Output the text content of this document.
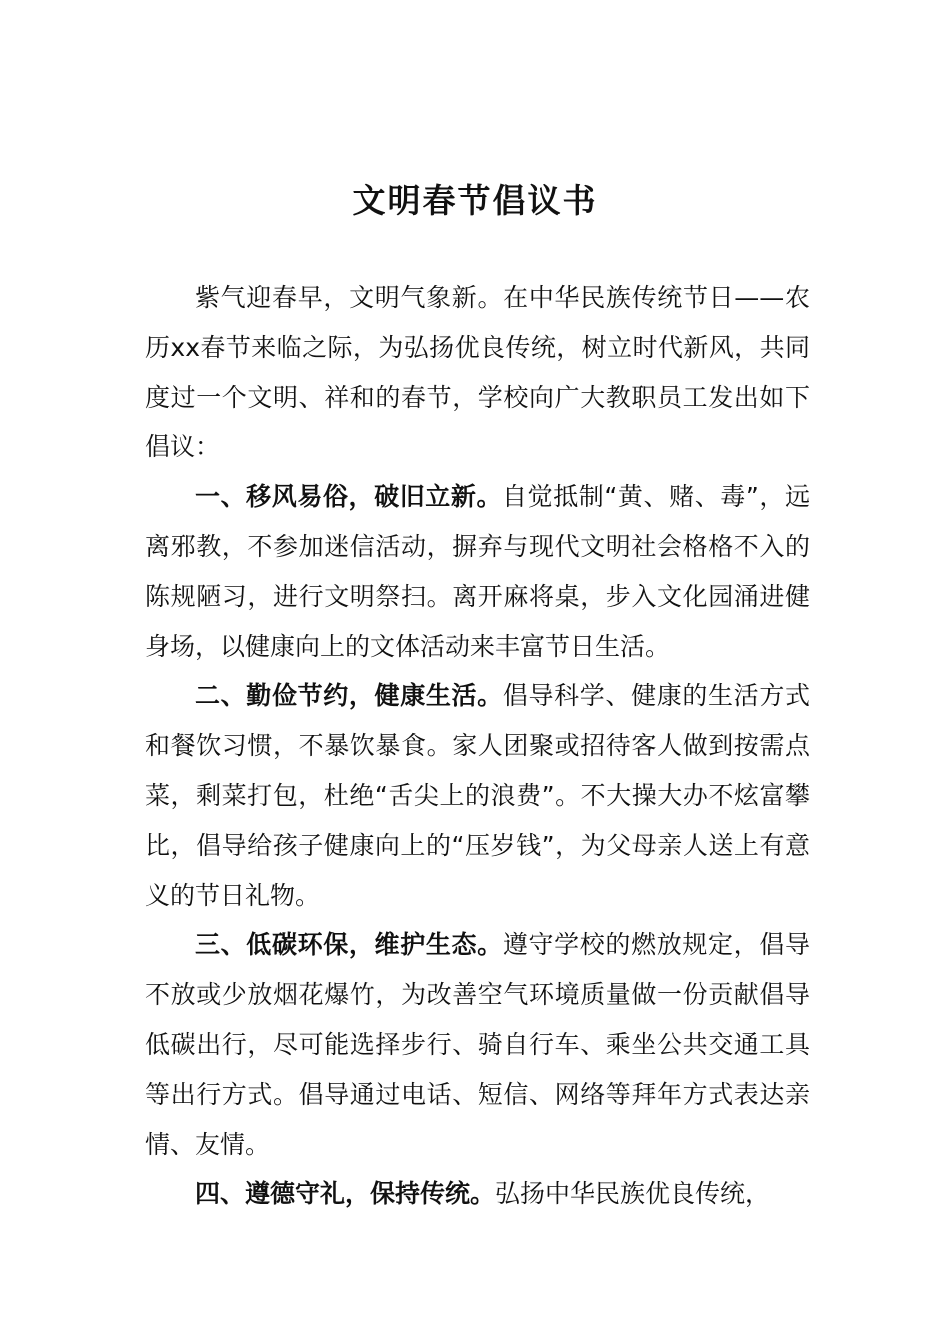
文明春节倡议书

紫气迎春早，文明气象新。在中华民族传统节日——农历xx春节来临之际，为弘扬优良传统，树立时代新风，共同度过一个文明、祥和的春节，学校向广大教职员工发出如下倡议：

一、移风易俗，破旧立新。自觉抵制“黄、赌、毒”，远离邪教，不参加迷信活动，摒弃与现代文明社会格格不入的陈规陋习，进行文明祭扫。离开麻将桌，步入文化园涌进健身场，以健康向上的文体活动来丰富节日生活。

二、勤俭节约，健康生活。倡导科学、健康的生活方式和餐饮习惯，不暴饮暴食。家人团聚或招待客人做到按需点菜，剩菜打包，杜绝“舌尖上的浪费”。不大操大办不炫富攀比，倡导给孩子健康向上的“压岁钱”，为父母亲人送上有意义的节日礼物。

三、低碳环保，维护生态。遵守学校的燃放规定，倡导不放或少放烟花爆竹，为改善空气环境质量做一份贡献倡导低碳出行，尽可能选择步行、骑自行车、乘坐公共交通工具等出行方式。倡导通过电话、短信、网络等拜年方式表达亲情、友情。

四、遵德守礼，保持传统。弘扬中华民族优良传统，
